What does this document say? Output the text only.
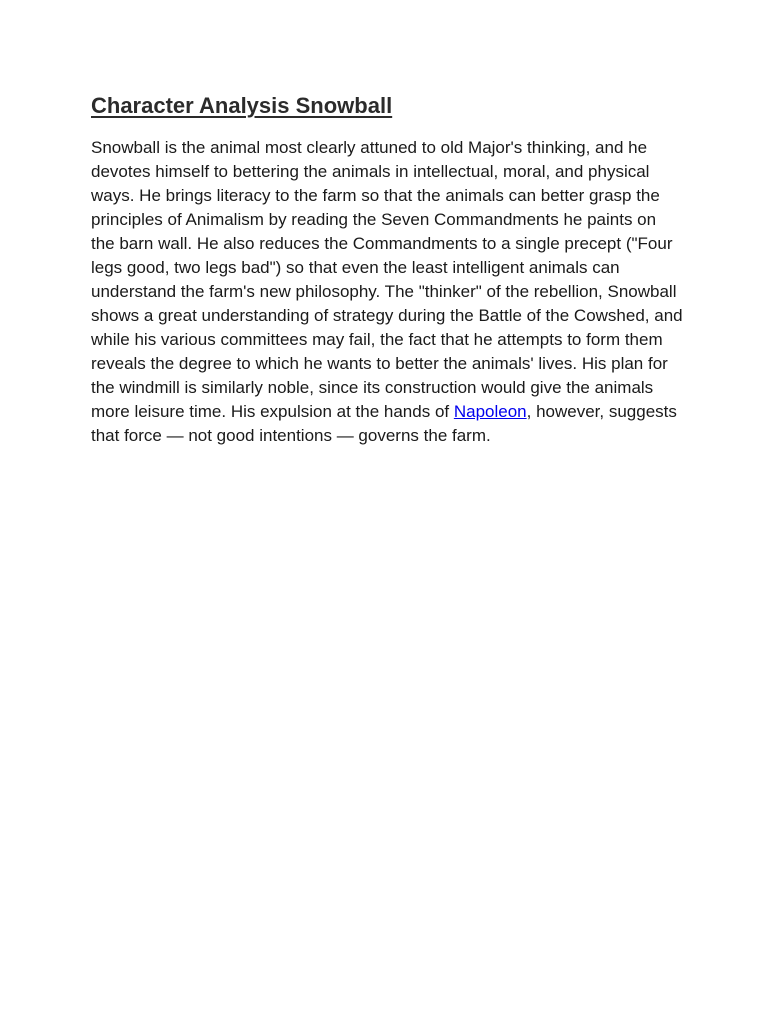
Character Analysis Snowball

Snowball is the animal most clearly attuned to old Major's thinking, and he devotes himself to bettering the animals in intellectual, moral, and physical ways. He brings literacy to the farm so that the animals can better grasp the principles of Animalism by reading the Seven Commandments he paints on the barn wall. He also reduces the Commandments to a single precept ("Four legs good, two legs bad") so that even the least intelligent animals can understand the farm's new philosophy. The "thinker" of the rebellion, Snowball shows a great understanding of strategy during the Battle of the Cowshed, and while his various committees may fail, the fact that he attempts to form them reveals the degree to which he wants to better the animals' lives. His plan for the windmill is similarly noble, since its construction would give the animals more leisure time. His expulsion at the hands of Napoleon, however, suggests that force — not good intentions — governs the farm.
